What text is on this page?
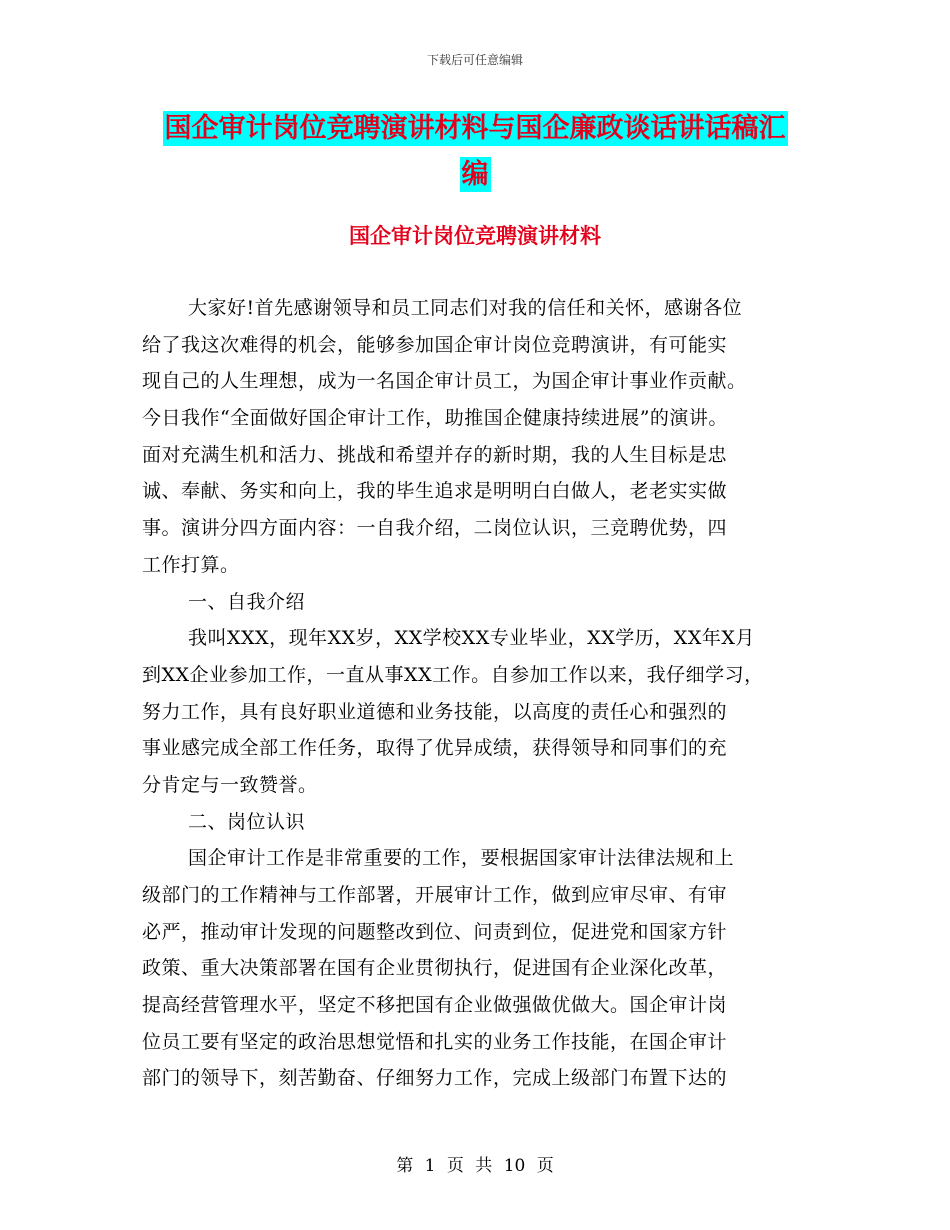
下载后可任意编辑
国企审计岗位竞聘演讲材料与国企廉政谈话讲话稿汇
编
国企审计岗位竞聘演讲材料
大家好!首先感谢领导和员工同志们对我的信任和关怀，感谢各位
给了我这次难得的机会，能够参加国企审计岗位竞聘演讲，有可能实
现自己的人生理想，成为一名国企审计员工，为国企审计事业作贡献。
今日我作“全面做好国企审计工作，助推国企健康持续进展”的演讲。
面对充满生机和活力、挑战和希望并存的新时期，我的人生目标是忠
诚、奉献、务实和向上，我的毕生追求是明明白白做人，老老实实做
事。演讲分四方面内容：一自我介绍，二岗位认识，三竞聘优势，四
工作打算。
一、自我介绍
我叫XXX，现年XX岁，XX学校XX专业毕业，XX学历，XX年X月
到XX企业参加工作，一直从事XX工作。自参加工作以来，我仔细学习，
努力工作，具有良好职业道德和业务技能，以高度的责任心和强烈的
事业感完成全部工作任务，取得了优异成绩，获得领导和同事们的充
分肯定与一致赞誉。
二、岗位认识
国企审计工作是非常重要的工作，要根据国家审计法律法规和上
级部门的工作精神与工作部署，开展审计工作，做到应审尽审、有审
必严，推动审计发现的问题整改到位、问责到位，促进党和国家方针
政策、重大决策部署在国有企业贯彻执行，促进国有企业深化改革，
提高经营管理水平，坚定不移把国有企业做强做优做大。国企审计岗
位员工要有坚定的政治思想觉悟和扎实的业务工作技能，在国企审计
部门的领导下，刻苦勤奋、仔细努力工作，完成上级部门布置下达的
第 1 页 共 10 页
